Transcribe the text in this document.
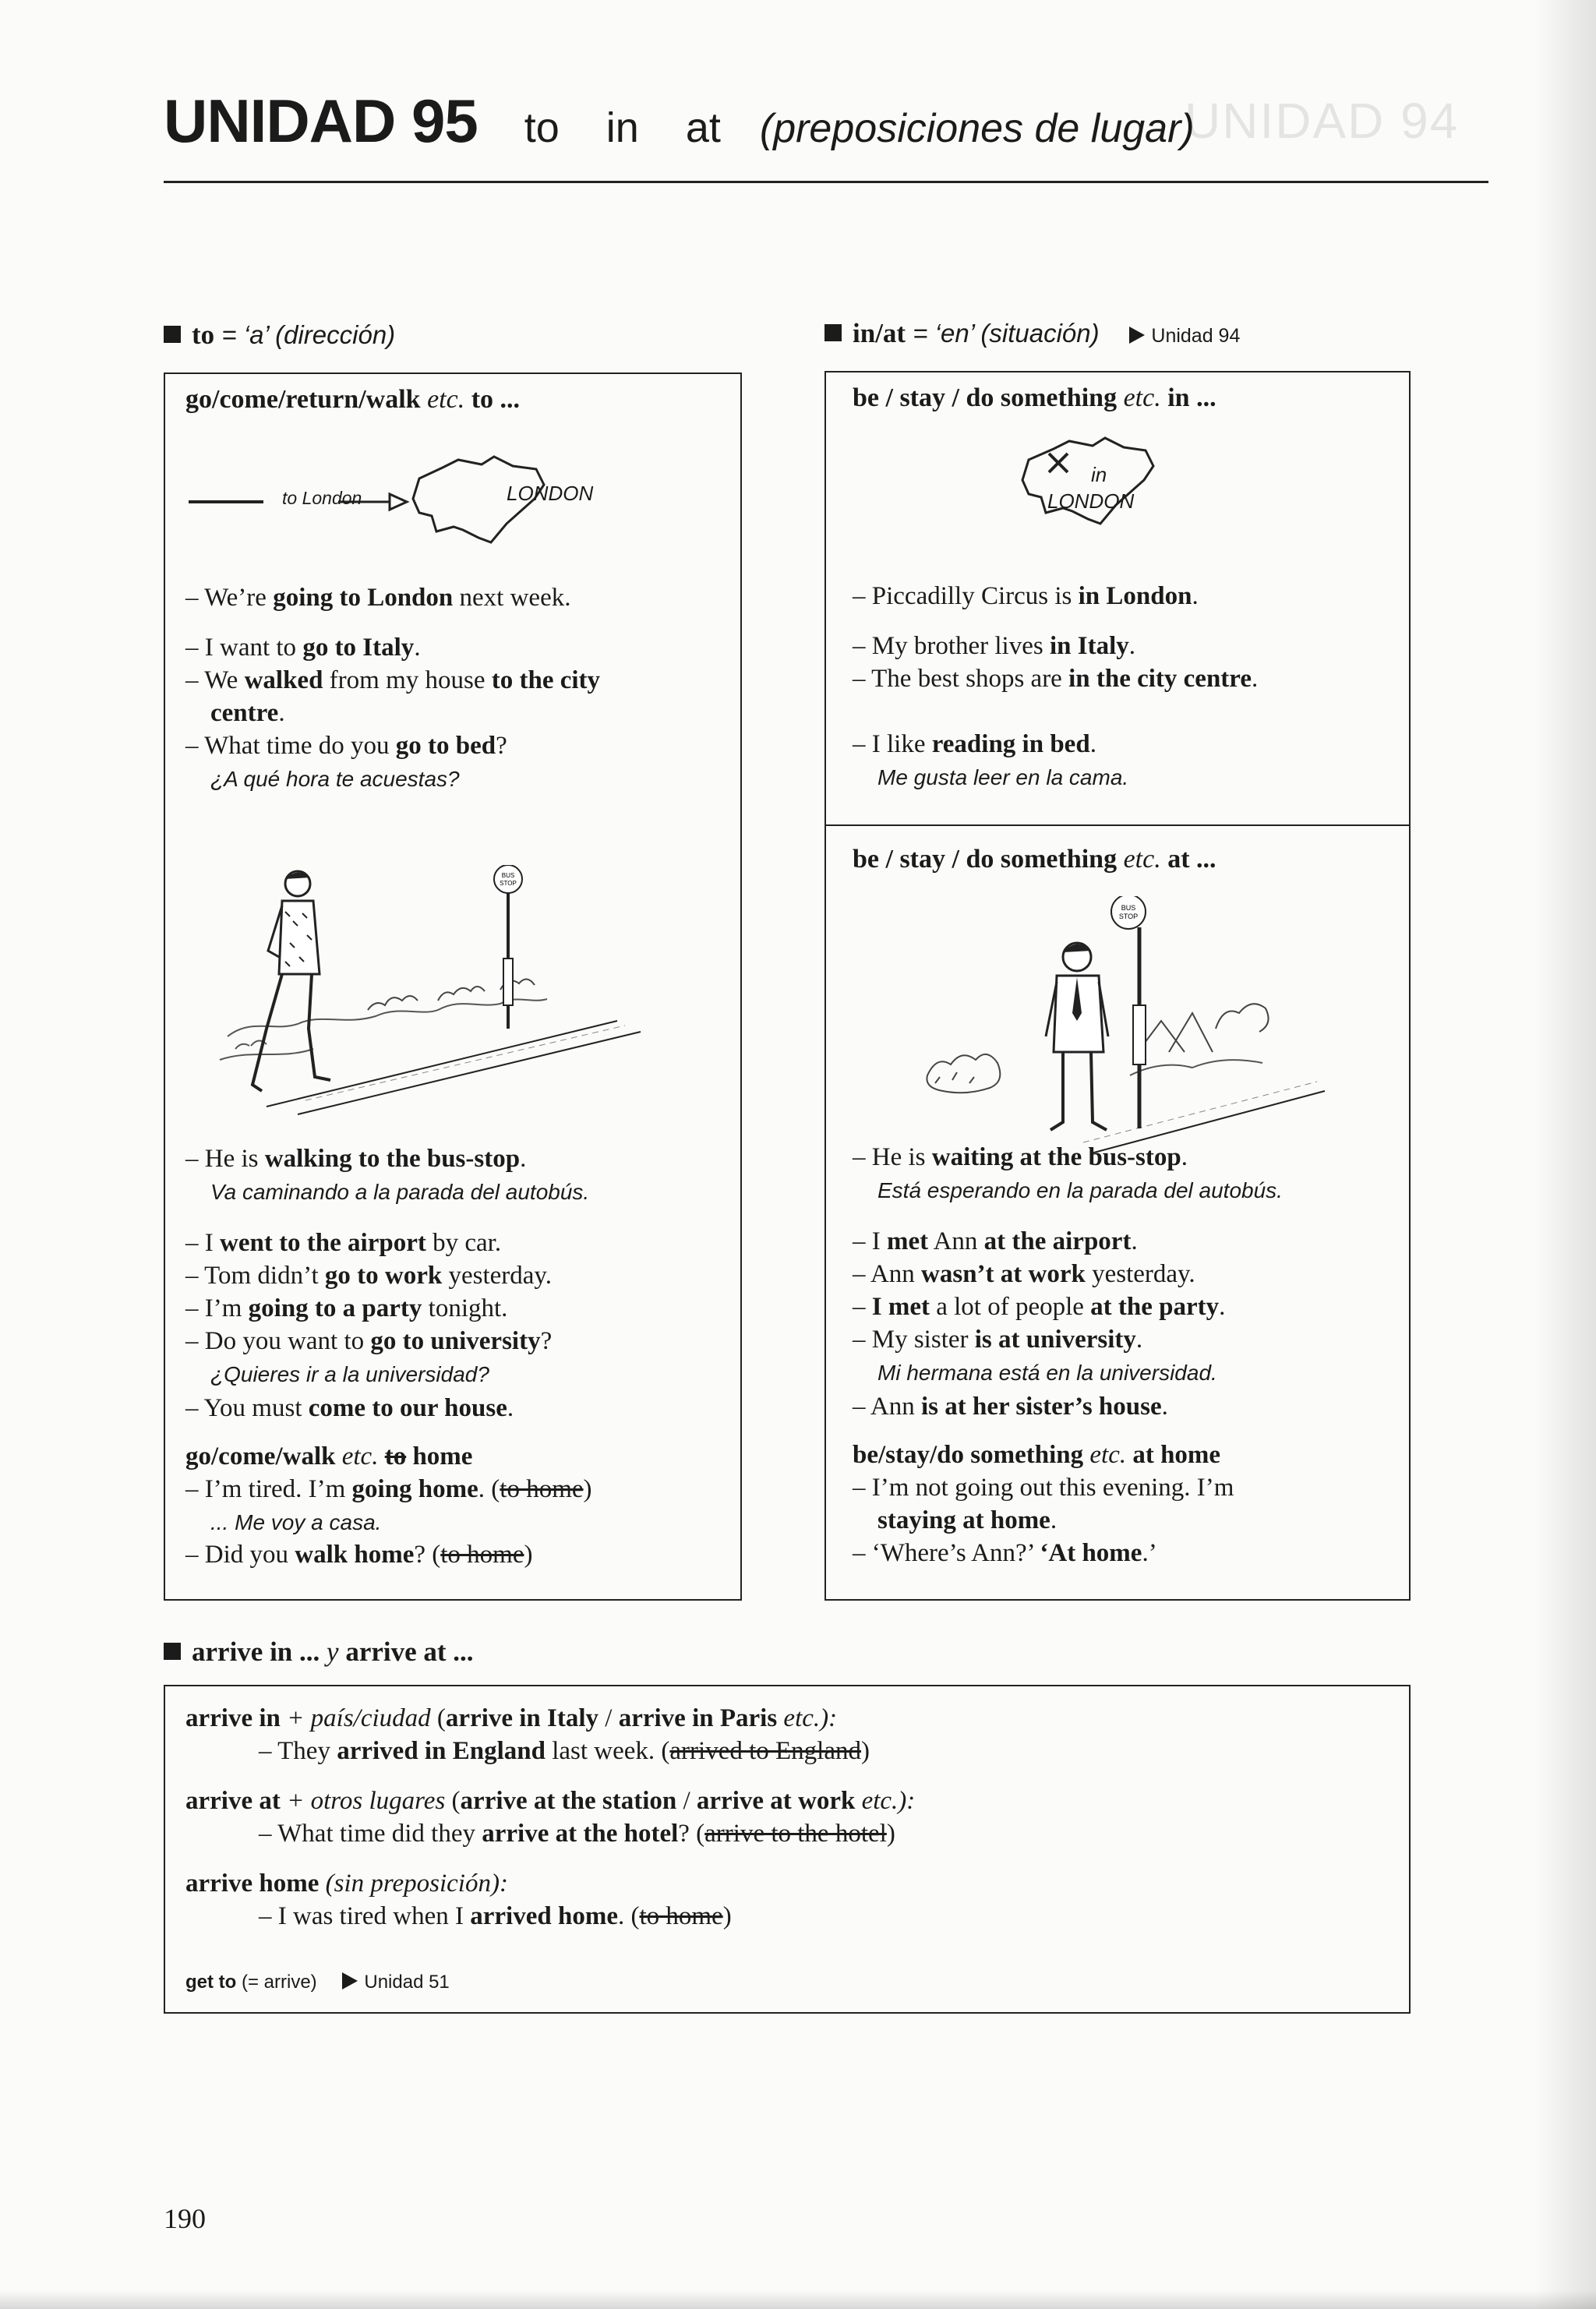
UNIDAD 94
UNIDAD 95 to in at (preposiciones de lugar)
to = ‘a’ (dirección)	in/at = ‘en’ (situación)	Unidad 94
go/come/return/walk etc. to ...
to London	LONDON
– We’re going to London next week.
– I want to go to Italy.
– We walked from my house to the city
centre.
– What time do you go to bed?
¿A qué hora te acuestas?
BUS
STOP
– He is walking to the bus-stop.
Va caminando a la parada del autobús.
– I went to the airport by car.
– Tom didn’t go to work yesterday.
– I’m going to a party tonight.
– Do you want to go to university?
¿Quieres ir a la universidad?
– You must come to our house.
go/come/walk etc. to home
– I’m tired. I’m going home. (to home)
... Me voy a casa.
– Did you walk home? (to home)
be / stay / do something etc. in ...
in
LONDON
– Piccadilly Circus is in London.
– My brother lives in Italy.
– The best shops are in the city centre.
– I like reading in bed.
Me gusta leer en la cama.
be / stay / do something etc. at ...
BUS
STOP
– He is waiting at the bus-stop.
Está esperando en la parada del autobús.
– I met Ann at the airport.
– Ann wasn’t at work yesterday.
– I met a lot of people at the party.
– My sister is at university.
Mi hermana está en la universidad.
– Ann is at her sister’s house.
be/stay/do something etc. at home
– I’m not going out this evening. I’m
staying at home.
– ‘Where’s Ann?’ ‘At home.’
arrive in ... y arrive at ...
arrive in + país/ciudad (arrive in Italy / arrive in Paris etc.):
– They arrived in England last week. (arrived to England)
arrive at + otros lugares (arrive at the station / arrive at work etc.):
– What time did they arrive at the hotel? (arrive to the hotel)
arrive home (sin preposición):
– I was tired when I arrived home. (to home)
get to (= arrive)	Unidad 51
190
